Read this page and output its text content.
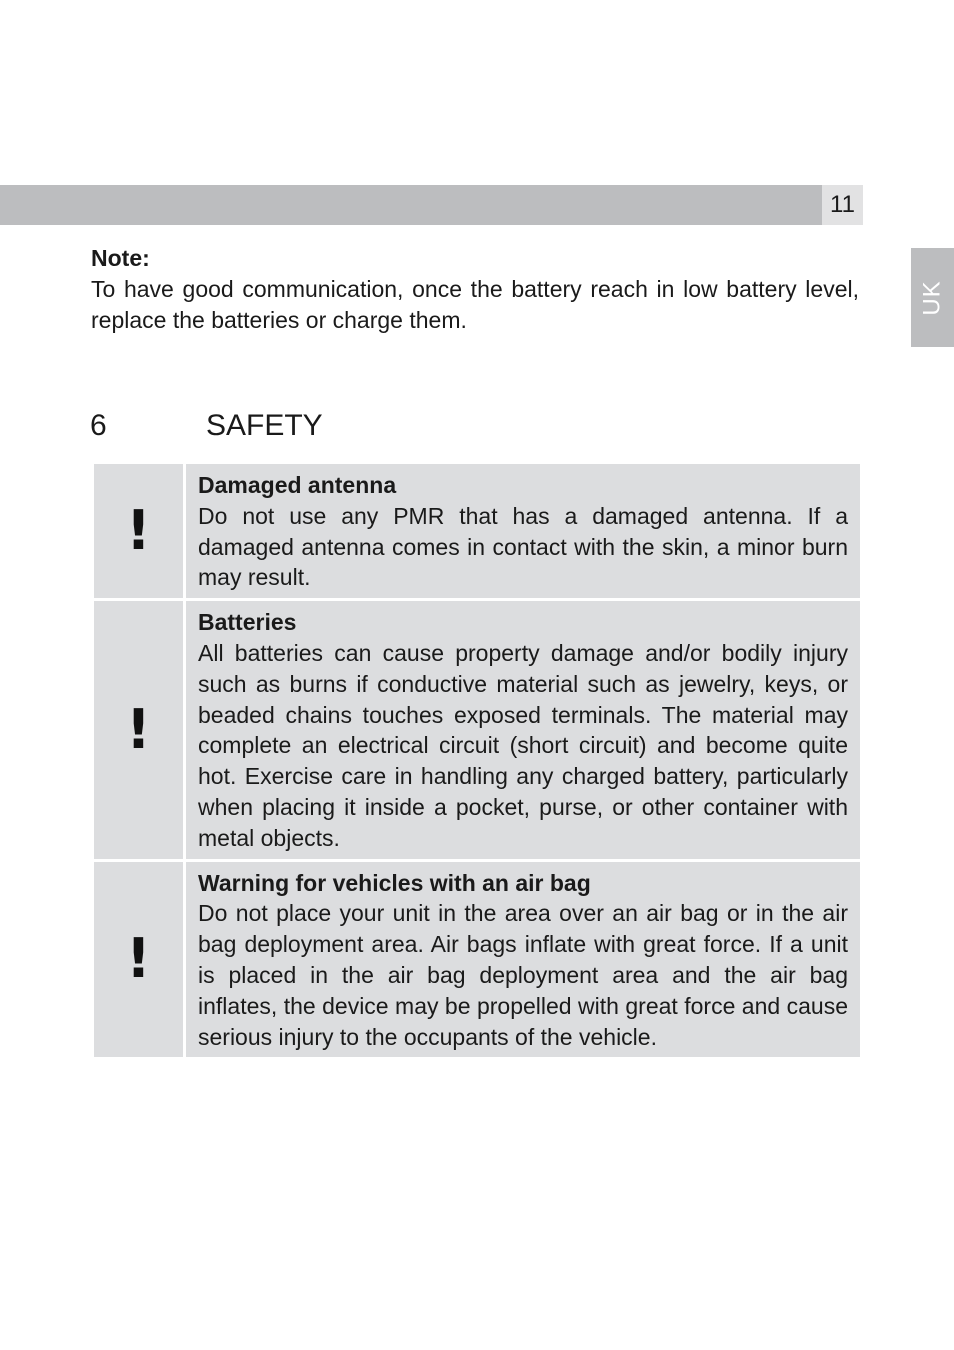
11
UK
Note:
To have good communication, once the battery reach in low battery level, replace the batteries or charge them.
6	SAFETY
!
Damaged antenna
Do not use any PMR that has a damaged antenna. If a damaged antenna comes in contact with the skin, a minor burn may result.
!
Batteries
All batteries can cause property damage and/or bodily injury such as burns if conductive material such as jewelry, keys, or beaded chains touches exposed terminals. The material may complete an electrical circuit (short circuit) and become quite hot. Exercise care in handling any charged battery, particularly when placing it inside a pocket, purse, or other container with metal objects.
!
Warning for vehicles with an air bag
Do not place your unit in the area over an air bag or in the air bag deployment area. Air bags inflate with great force. If a unit is placed in the air bag deployment area and the air bag inflates, the device may be propelled with great force and cause serious injury to the occupants of the vehicle.
